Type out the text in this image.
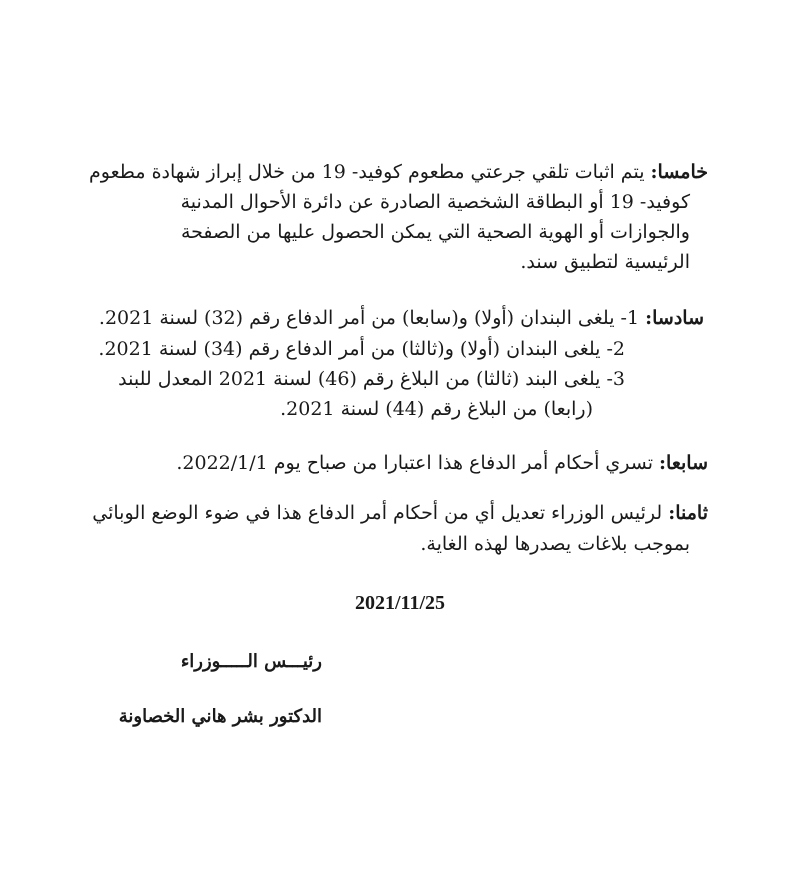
خامسا: يتم اثبات تلقي جرعتي مطعوم كوفيد- 19 من خلال إبراز شهادة مطعوم
كوفيد- 19 أو البطاقة الشخصية الصادرة عن دائرة الأحوال المدنية
والجوازات أو الهوية الصحية التي يمكن الحصول عليها من الصفحة
الرئيسية لتطبيق سند.
سادسا: 1- يلغى البندان (أولا) و(سابعا) من أمر الدفاع رقم (32) لسنة 2021.
2- يلغى البندان (أولا) و(ثالثا) من أمر الدفاع رقم (34) لسنة 2021.
3- يلغى البند (ثالثا) من البلاغ رقم (46) لسنة 2021 المعدل للبند
(رابعا) من البلاغ رقم (44) لسنة 2021.
سابعا: تسري أحكام أمر الدفاع هذا اعتبارا من صباح يوم 2022/1/1.
ثامنا: لرئيس الوزراء تعديل أي من أحكام أمر الدفاع هذا في ضوء الوضع الوبائي
بموجب بلاغات يصدرها لهذه الغاية.
2021/11/25
رئيـــس الـــــوزراء
الدكتور بشر هاني الخصاونة
